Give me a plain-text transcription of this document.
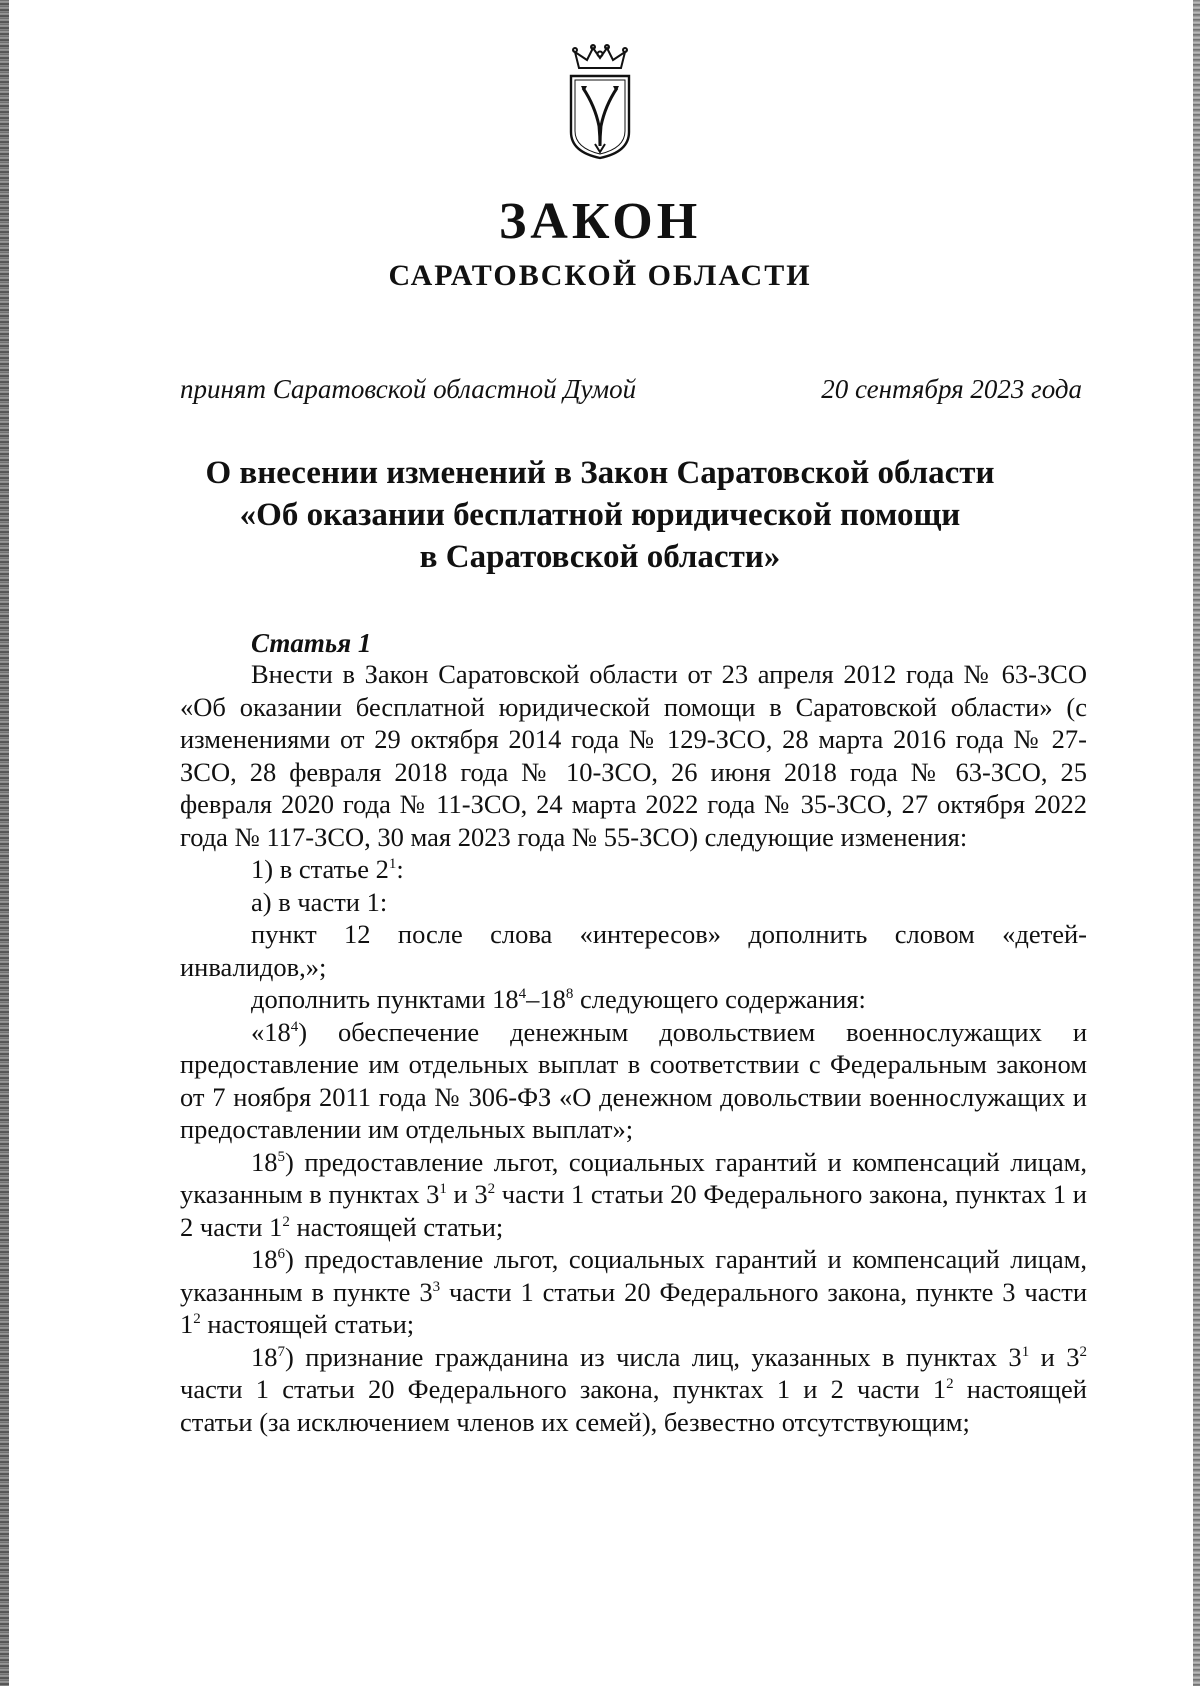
ЗАКОН
САРАТОВСКОЙ ОБЛАСТИ
принят Саратовской областной Думой	20 сентября 2023 года
О внесении изменений в Закон Саратовской области
«Об оказании бесплатной юридической помощи
в Саратовской области»
Статья 1

Внести в Закон Саратовской области от 23 апреля 2012 года № 63-ЗСО «Об оказании бесплатной юридической помощи в Саратовской области» (с изменениями от 29 октября 2014 года № 129-ЗСО, 28 марта 2016 года № 27-ЗСО, 28 февраля 2018 года № 10-ЗСО, 26 июня 2018 года № 63-ЗСО, 25 февраля 2020 года № 11-ЗСО, 24 марта 2022 года № 35-ЗСО, 27 октября 2022 года № 117-ЗСО, 30 мая 2023 года № 55-ЗСО) следующие изменения:

1) в статье $2^1$:

а) в части 1:

пункт 12 после слова «интересов» дополнить словом «детей-инвалидов,»;

дополнить пунктами $18^4-18^8$ следующего содержания:

«$18^4$) обеспечение денежным довольствием военнослужащих и предоставление им отдельных выплат в соответствии с Федеральным законом от 7 ноября 2011 года № 306-ФЗ «О денежном довольствии военнослужащих и предоставлении им отдельных выплат»;

$18^5$) предоставление льгот, социальных гарантий и компенсаций лицам, указанным в пунктах $3^1$ и $3^2$ части 1 статьи 20 Федерального закона, пунктах 1 и 2 части $1^2$ настоящей статьи;

$18^6$) предоставление льгот, социальных гарантий и компенсаций лицам, указанным в пункте $3^3$ части 1 статьи 20 Федерального закона, пункте 3 части $1^2$ настоящей статьи;

$18^7$) признание гражданина из числа лиц, указанных в пунктах $3^1$ и $3^2$ части 1 статьи 20 Федерального закона, пунктах 1 и 2 части $1^2$ настоящей статьи (за исключением членов их семей), безвестно отсутствующим;
